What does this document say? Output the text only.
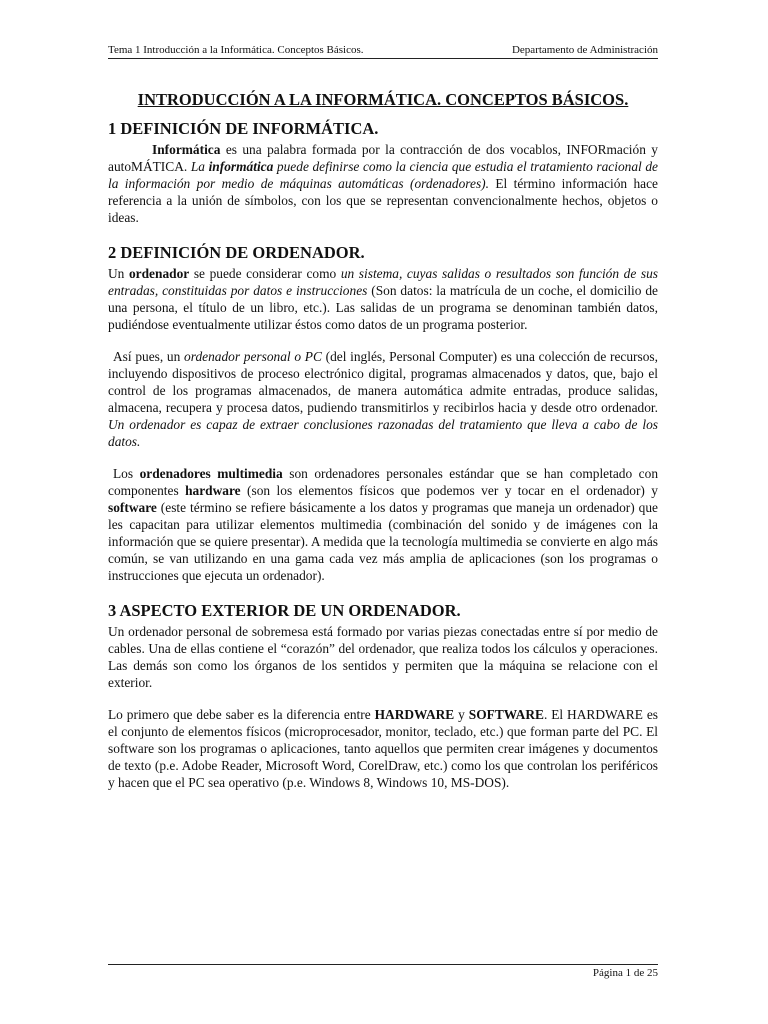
Tema 1 Introducción a la Informática. Conceptos Básicos.	Departamento de Administración
INTRODUCCIÓN A LA INFORMÁTICA. CONCEPTOS BÁSICOS.
1 DEFINICIÓN DE INFORMÁTICA.

Informática es una palabra formada por la contracción de dos vocablos, INFORmación y autoMÁTICA. La informática puede definirse como la ciencia que estudia el tratamiento racional de la información por medio de máquinas automáticas (ordenadores). El término información hace referencia a la unión de símbolos, con los que se representan convencionalmente hechos, objetos o ideas.

2 DEFINICIÓN DE ORDENADOR.

Un ordenador se puede considerar como un sistema, cuyas salidas o resultados son función de sus entradas, constituidas por datos e instrucciones (Son datos: la matrícula de un coche, el domicilio de una persona, el título de un libro, etc.). Las salidas de un programa se denominan también datos, pudiéndose eventualmente utilizar éstos como datos de un programa posterior.

Así pues, un ordenador personal o PC (del inglés, Personal Computer) es una colección de recursos, incluyendo dispositivos de proceso electrónico digital, programas almacenados y datos, que, bajo el control de los programas almacenados, de manera automática admite entradas, produce salidas, almacena, recupera y procesa datos, pudiendo transmitirlos y recibirlos hacia y desde otro ordenador. Un ordenador es capaz de extraer conclusiones razonadas del tratamiento que lleva a cabo de los datos.

Los ordenadores multimedia son ordenadores personales estándar que se han completado con componentes hardware (son los elementos físicos que podemos ver y tocar en el ordenador) y software (este término se refiere básicamente a los datos y programas que maneja un ordenador) que les capacitan para utilizar elementos multimedia (combinación del sonido y de imágenes con la información que se quiere presentar). A medida que la tecnología multimedia se convierte en algo más común, se van utilizando en una gama cada vez más amplia de aplicaciones (son los programas o instrucciones que ejecuta un ordenador).

3 ASPECTO EXTERIOR DE UN ORDENADOR.

Un ordenador personal de sobremesa está formado por varias piezas conectadas entre sí por medio de cables. Una de ellas contiene el “corazón” del ordenador, que realiza todos los cálculos y operaciones. Las demás son como los órganos de los sentidos y permiten que la máquina se relacione con el exterior.

Lo primero que debe saber es la diferencia entre HARDWARE y SOFTWARE. El HARDWARE es el conjunto de elementos físicos (microprocesador, monitor, teclado, etc.) que forman parte del PC. El software son los programas o aplicaciones, tanto aquellos que permiten crear imágenes y documentos de texto (p.e. Adobe Reader, Microsoft Word, CorelDraw, etc.) como los que controlan los periféricos y hacen que el PC sea operativo (p.e. Windows 8, Windows 10, MS-DOS).

Página 1 de 25
